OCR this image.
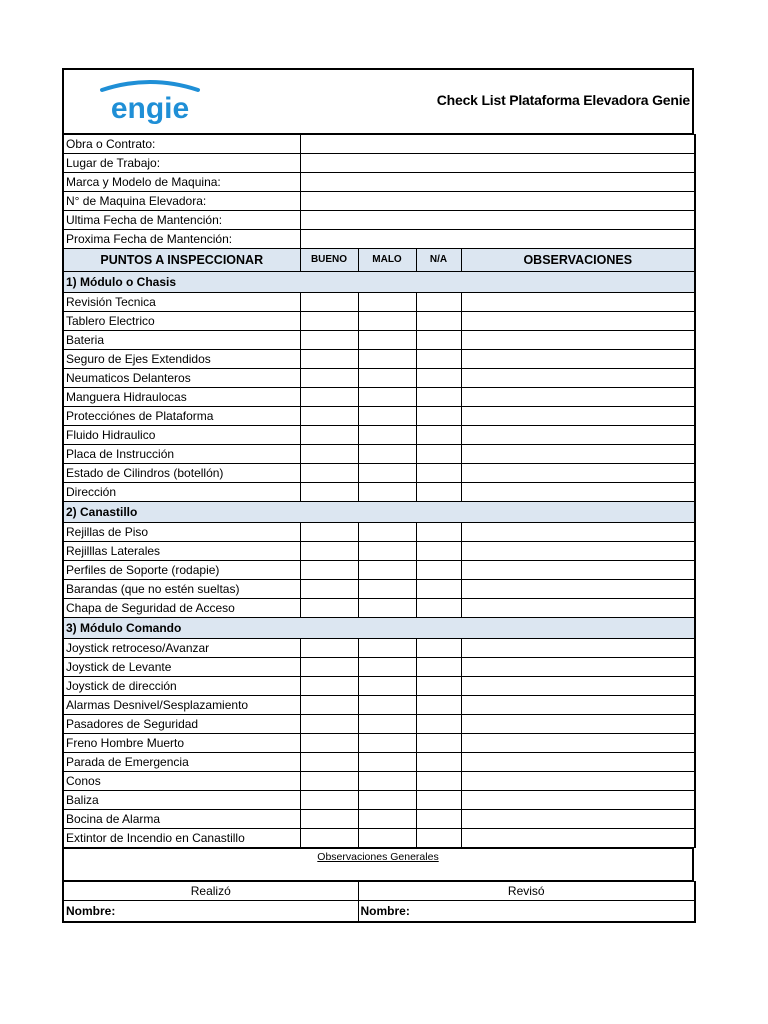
engie	Check List Plataforma Elevadora Genie
Obra o Contrato:				
Lugar de Trabajo:				
Marca y Modelo de Maquina:				
N° de Maquina Elevadora:				
Ultima Fecha de Mantención:				
Proxima Fecha de Mantención:				
PUNTOS A INSPECCIONAR	BUENO	MALO	N/A	OBSERVACIONES
1) Módulo o Chasis				
Revisión Tecnica				
Tablero Electrico				
Bateria				
Seguro de Ejes Extendidos				
Neumaticos Delanteros				
Manguera Hidraulocas				
Protecciónes de Plataforma				
Fluido Hidraulico				
Placa de Instrucción				
Estado de Cilindros (botellón)				
Dirección				
2) Canastillo				
Rejillas de Piso				
Rejilllas Laterales				
Perfiles de Soporte (rodapie)				
Barandas (que no estén sueltas)				
Chapa de Seguridad de Acceso				
3) Módulo Comando				
Joystick retroceso/Avanzar				
Joystick de Levante				
Joystick de dirección				
Alarmas Desnivel/Sesplazamiento				
Pasadores de Seguridad				
Freno Hombre Muerto				
Parada de Emergencia				
Conos				
Baliza				
Bocina de Alarma				
Extintor de Incendio en Canastillo				
Observaciones Generales
Realizó	Revisó
Nombre:	Nombre:
